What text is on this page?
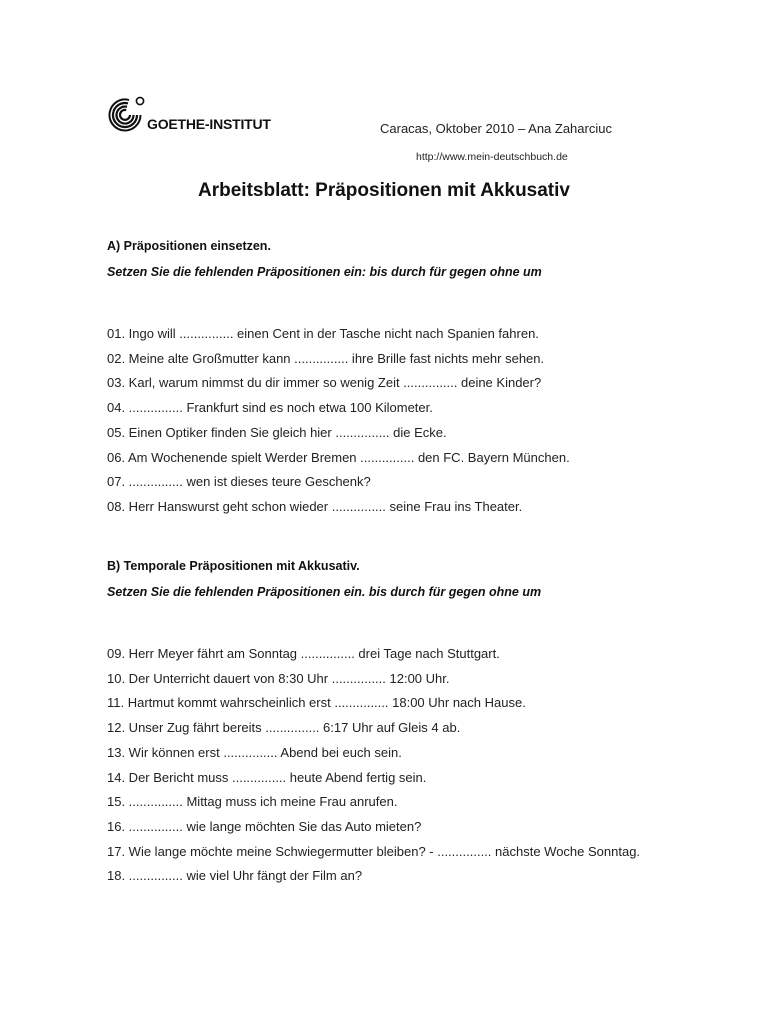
GOETHE-INSTITUT	Caracas, Oktober 2010 – Ana Zaharciuc
http://www.mein-deutschbuch.de
Arbeitsblatt: Präpositionen mit Akkusativ
A) Präpositionen einsetzen.
Setzen Sie die fehlenden Präpositionen ein: bis durch für gegen ohne um
01. Ingo will ............... einen Cent in der Tasche nicht nach Spanien fahren.
02. Meine alte Großmutter kann ............... ihre Brille fast nichts mehr sehen.
03. Karl, warum nimmst du dir immer so wenig Zeit ............... deine Kinder?
04. ............... Frankfurt sind es noch etwa 100 Kilometer.
05. Einen Optiker finden Sie gleich hier ............... die Ecke.
06. Am Wochenende spielt Werder Bremen ............... den FC. Bayern München.
07. ............... wen ist dieses teure Geschenk?
08. Herr Hanswurst geht schon wieder ............... seine Frau ins Theater.
B) Temporale Präpositionen mit Akkusativ.
Setzen Sie die fehlenden Präpositionen ein. bis durch für gegen ohne um
09. Herr Meyer fährt am Sonntag ............... drei Tage nach Stuttgart.
10. Der Unterricht dauert von 8:30 Uhr ............... 12:00 Uhr.
11. Hartmut kommt wahrscheinlich erst ............... 18:00 Uhr nach Hause.
12. Unser Zug fährt bereits ............... 6:17 Uhr auf Gleis 4 ab.
13. Wir können erst ............... Abend bei euch sein.
14. Der Bericht muss ............... heute Abend fertig sein.
15. ............... Mittag muss ich meine Frau anrufen.
16. ............... wie lange möchten Sie das Auto mieten?
17. Wie lange möchte meine Schwiegermutter bleiben? - ............... nächste Woche Sonntag.
18. ............... wie viel Uhr fängt der Film an?
